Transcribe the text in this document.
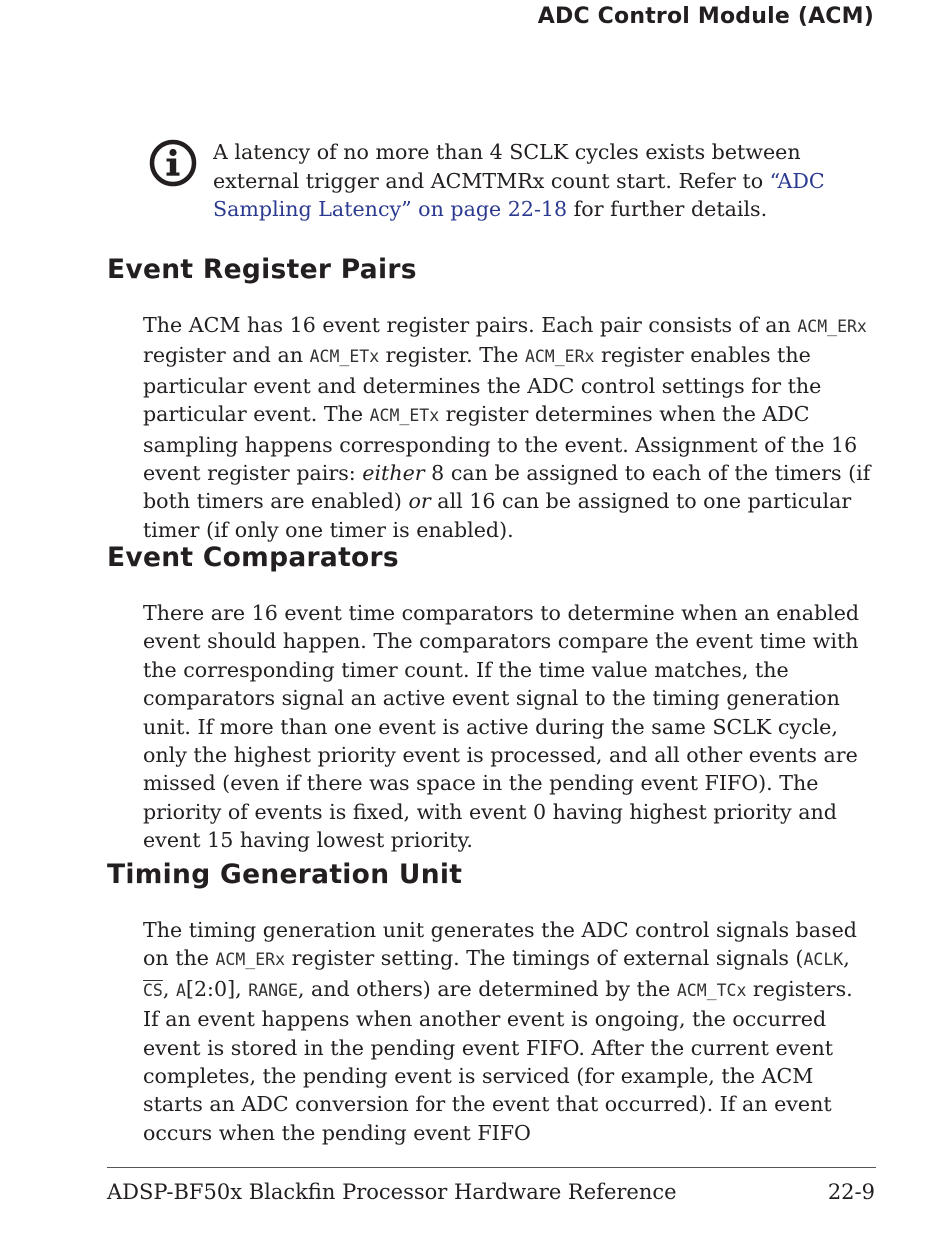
ADC Control Module (ACM)

A latency of no more than 4 SCLK cycles exists between external trigger and ACMTMRx count start. Refer to “ADC Sampling Latency” on page 22-18 for further details.

Event Register Pairs

The ACM has 16 event register pairs. Each pair consists of an ACM_ERx register and an ACM_ETx register. The ACM_ERx register enables the particular event and determines the ADC control settings for the particular event. The ACM_ETx register determines when the ADC sampling happens corresponding to the event. Assignment of the 16 event register pairs: either 8 can be assigned to each of the timers (if both timers are enabled) or all 16 can be assigned to one particular timer (if only one timer is enabled).

Event Comparators

There are 16 event time comparators to determine when an enabled event should happen. The comparators compare the event time with the corresponding timer count. If the time value matches, the comparators signal an active event signal to the timing generation unit. If more than one event is active during the same SCLK cycle, only the highest priority event is processed, and all other events are missed (even if there was space in the pending event FIFO). The priority of events is fixed, with event 0 having highest priority and event 15 having lowest priority.

Timing Generation Unit

The timing generation unit generates the ADC control signals based on the ACM_ERx register setting. The timings of external signals (ACLK, $\overline{CS}$, A[2:0], RANGE, and others) are determined by the ACM_TCx registers. If an event happens when another event is ongoing, the occurred event is stored in the pending event FIFO. After the current event completes, the pending event is serviced (for example, the ACM starts an ADC conversion for the event that occurred). If an event occurs when the pending event FIFO

ADSP-BF50x Blackfin Processor Hardware Reference	22-9
